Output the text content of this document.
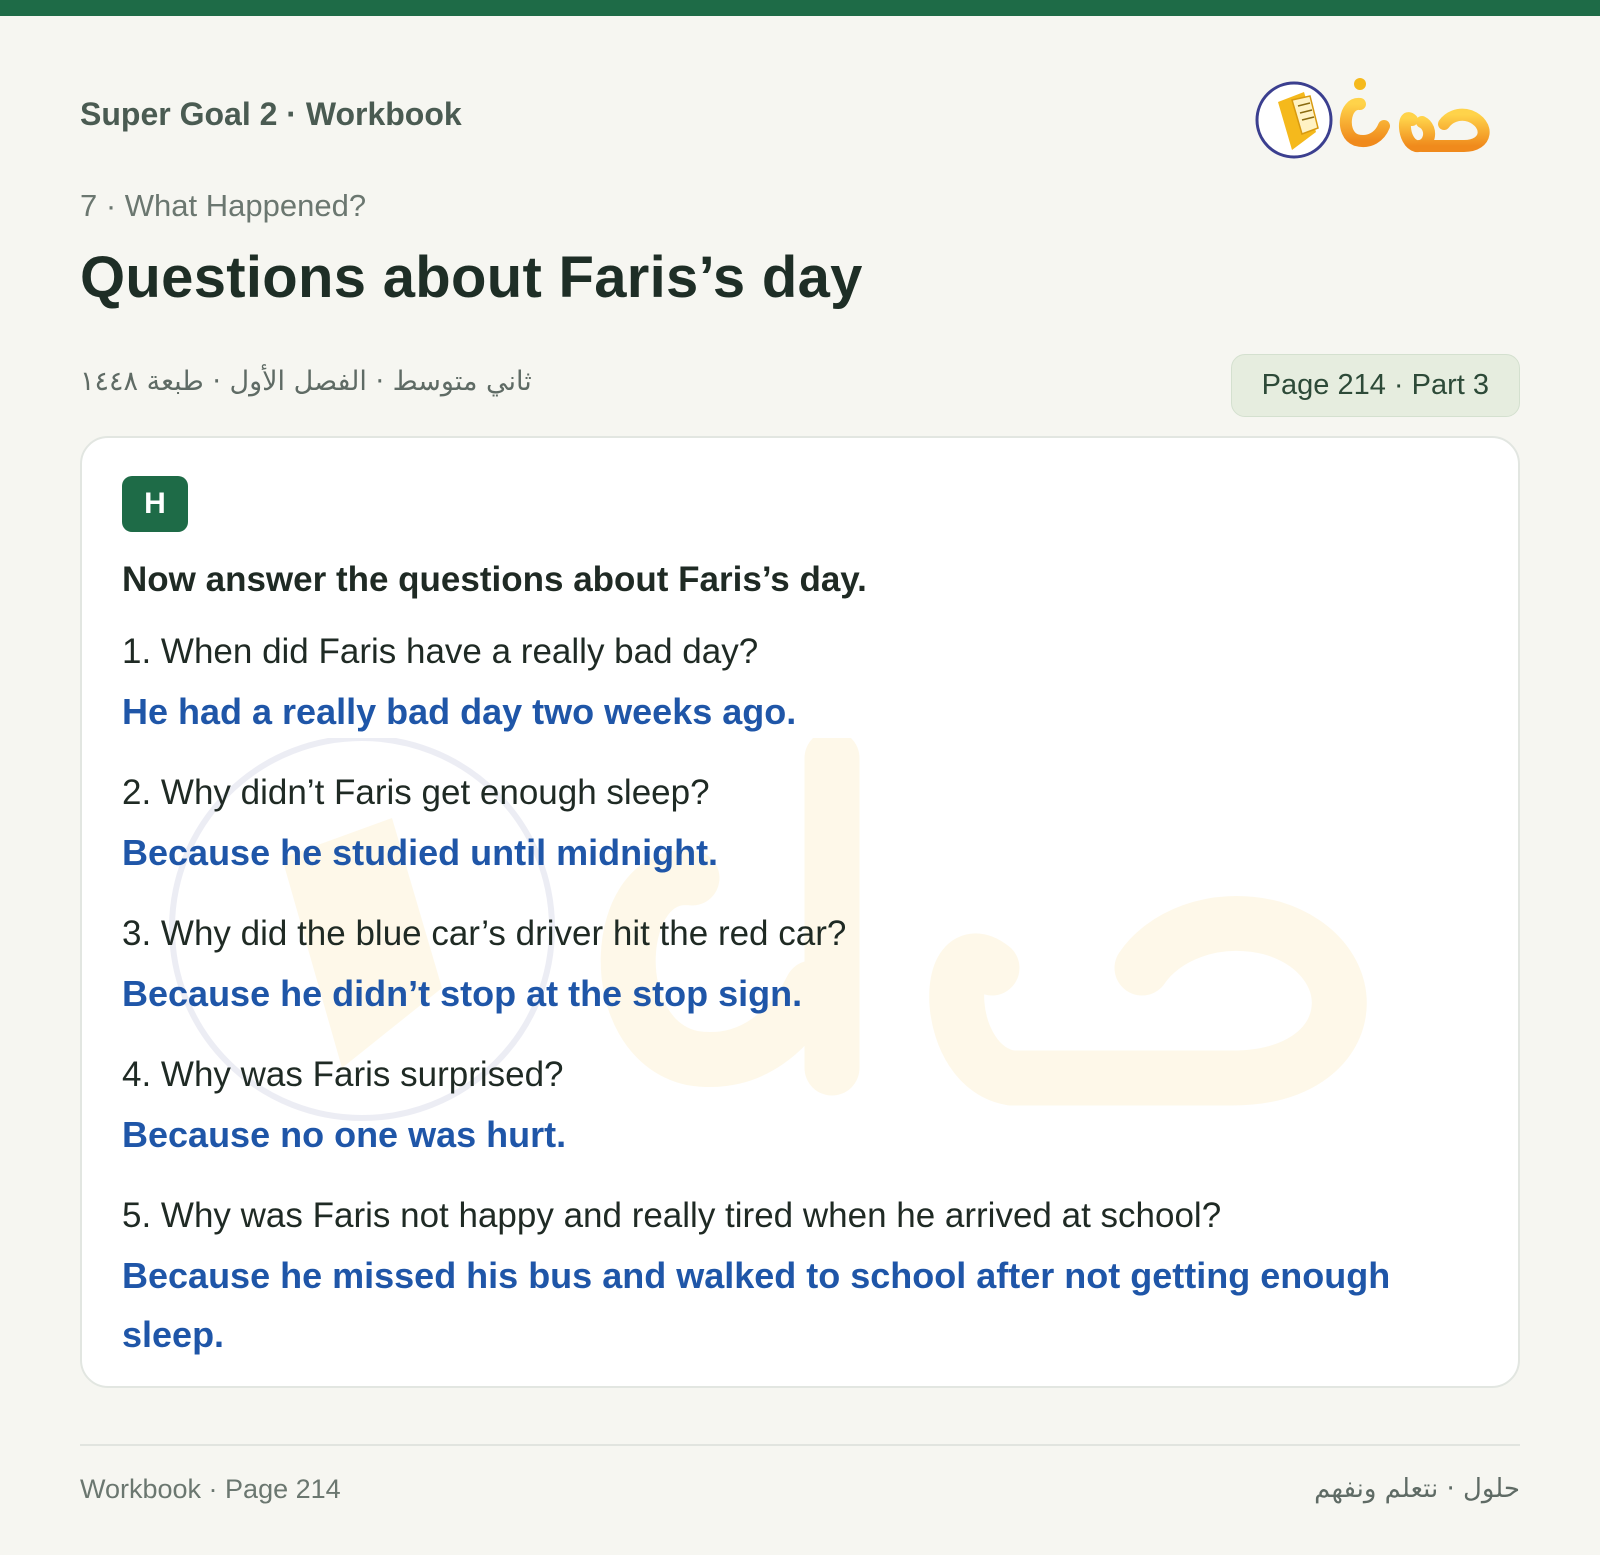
Super Goal 2 · Workbook

7 · What Happened?

Questions about Faris’s day
ثاني متوسط · الفصل الأول · طبعة ١٤٤٨	Page 214 · Part 3
H

Now answer the questions about Faris’s day.

1. When did Faris have a really bad day?

He had a really bad day two weeks ago.

2. Why didn’t Faris get enough sleep?

Because he studied until midnight.

3. Why did the blue car’s driver hit the red car?

Because he didn’t stop at the stop sign.

4. Why was Faris surprised?

Because no one was hurt.

5. Why was Faris not happy and really tired when he arrived at school?

Because he missed his bus and walked to school after not getting enough sleep.

Workbook · Page 214	حلول · نتعلم ونفهم
